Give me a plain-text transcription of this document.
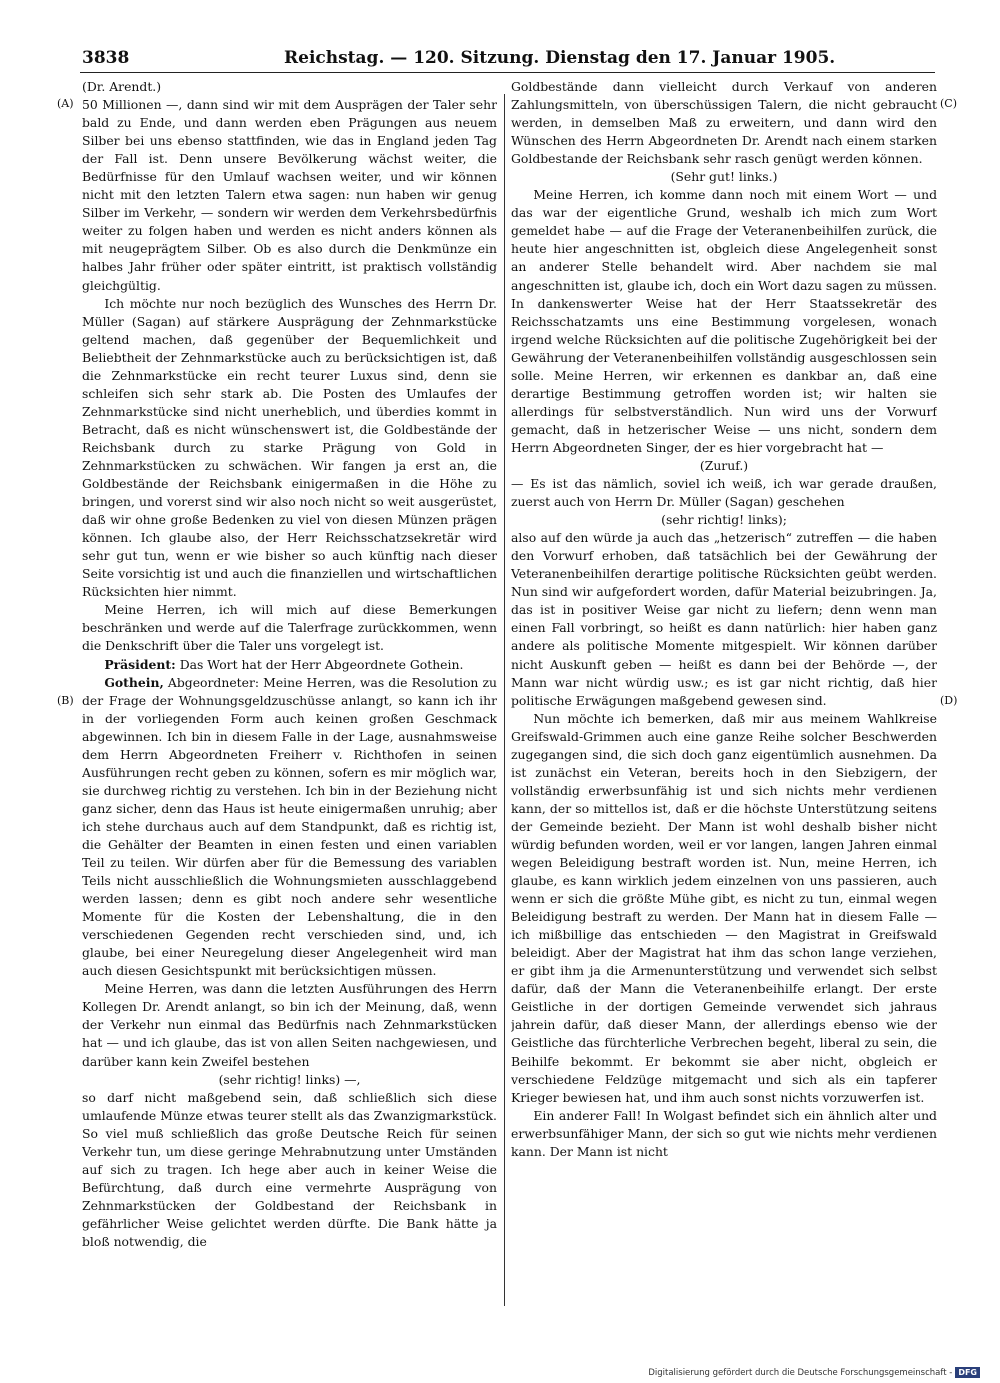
3838	Reichstag. — 120. Sitzung. Dienstag den 17. Januar 1905.
(A)
(B)
(C)
(D)

(Dr. Arendt.)

50 Millionen —, dann sind wir mit dem Ausprägen der Taler sehr bald zu Ende, und dann werden eben Prägungen aus neuem Silber bei uns ebenso stattfinden, wie das in England jeden Tag der Fall ist. Denn unsere Bevölkerung wächst weiter, die Bedürfnisse für den Umlauf wachsen weiter, und wir können nicht mit den letzten Talern etwa sagen: nun haben wir genug Silber im Verkehr, — sondern wir werden dem Verkehrsbedürfnis weiter zu folgen haben und werden es nicht anders können als mit neugeprägtem Silber. Ob es also durch die Denkmünze ein halbes Jahr früher oder später eintritt, ist praktisch vollständig gleichgültig.

Ich möchte nur noch bezüglich des Wunsches des Herrn Dr. Müller (Sagan) auf stärkere Ausprägung der Zehnmarkstücke geltend machen, daß gegenüber der Bequemlichkeit und Beliebtheit der Zehnmarkstücke auch zu berücksichtigen ist, daß die Zehnmarkstücke ein recht teurer Luxus sind, denn sie schleifen sich sehr stark ab. Die Posten des Umlaufes der Zehnmarkstücke sind nicht unerheblich, und überdies kommt in Betracht, daß es nicht wünschenswert ist, die Goldbestände der Reichsbank durch zu starke Prägung von Gold in Zehnmarkstücken zu schwächen. Wir fangen ja erst an, die Goldbestände der Reichsbank einigermaßen in die Höhe zu bringen, und vorerst sind wir also noch nicht so weit ausgerüstet, daß wir ohne große Bedenken zu viel von diesen Münzen prägen können. Ich glaube also, der Herr Reichsschatzsekretär wird sehr gut tun, wenn er wie bisher so auch künftig nach dieser Seite vorsichtig ist und auch die finanziellen und wirtschaftlichen Rücksichten hier nimmt.

Meine Herren, ich will mich auf diese Bemerkungen beschränken und werde auf die Talerfrage zurückkommen, wenn die Denkschrift über die Taler uns vorgelegt ist.

Präsident: Das Wort hat der Herr Abgeordnete Gothein.

Gothein, Abgeordneter: Meine Herren, was die Resolution zu der Frage der Wohnungsgeldzuschüsse anlangt, so kann ich ihr in der vorliegenden Form auch keinen großen Geschmack abgewinnen. Ich bin in diesem Falle in der Lage, ausnahmsweise dem Herrn Abgeordneten Freiherr v. Richthofen in seinen Ausführungen recht geben zu können, sofern es mir möglich war, sie durchweg richtig zu verstehen. Ich bin in der Beziehung nicht ganz sicher, denn das Haus ist heute einigermaßen unruhig; aber ich stehe durchaus auch auf dem Standpunkt, daß es richtig ist, die Gehälter der Beamten in einen festen und einen variablen Teil zu teilen. Wir dürfen aber für die Bemessung des variablen Teils nicht ausschließlich die Wohnungsmieten ausschlaggebend werden lassen; denn es gibt noch andere sehr wesentliche Momente für die Kosten der Lebenshaltung, die in den verschiedenen Gegenden recht verschieden sind, und, ich glaube, bei einer Neuregelung dieser Angelegenheit wird man auch diesen Gesichtspunkt mit berücksichtigen müssen.

Meine Herren, was dann die letzten Ausführungen des Herrn Kollegen Dr. Arendt anlangt, so bin ich der Meinung, daß, wenn der Verkehr nun einmal das Bedürfnis nach Zehnmarkstücken hat — und ich glaube, das ist von allen Seiten nachgewiesen, und darüber kann kein Zweifel bestehen

(sehr richtig! links) —,

so darf nicht maßgebend sein, daß schließlich sich diese umlaufende Münze etwas teurer stellt als das Zwanzigmarkstück. So viel muß schließlich das große Deutsche Reich für seinen Verkehr tun, um diese geringe Mehrabnutzung unter Umständen auf sich zu tragen. Ich hege aber auch in keiner Weise die Befürchtung, daß durch eine vermehrte Ausprägung von Zehnmarkstücken der Goldbestand der Reichsbank in gefährlicher Weise gelichtet werden dürfte. Die Bank hätte ja bloß notwendig, die

Goldbestände dann vielleicht durch Verkauf von anderen Zahlungsmitteln, von überschüssigen Talern, die nicht gebraucht werden, in demselben Maß zu erweitern, und dann wird den Wünschen des Herrn Abgeordneten Dr. Arendt nach einem starken Goldbestande der Reichsbank sehr rasch genügt werden können.

(Sehr gut! links.)

Meine Herren, ich komme dann noch mit einem Wort — und das war der eigentliche Grund, weshalb ich mich zum Wort gemeldet habe — auf die Frage der Veteranenbeihilfen zurück, die heute hier angeschnitten ist, obgleich diese Angelegenheit sonst an anderer Stelle behandelt wird. Aber nachdem sie mal angeschnitten ist, glaube ich, doch ein Wort dazu sagen zu müssen. In dankenswerter Weise hat der Herr Staatssekretär des Reichsschatzamts uns eine Bestimmung vorgelesen, wonach irgend welche Rücksichten auf die politische Zugehörigkeit bei der Gewährung der Veteranenbeihilfen vollständig ausgeschlossen sein solle. Meine Herren, wir erkennen es dankbar an, daß eine derartige Bestimmung getroffen worden ist; wir halten sie allerdings für selbstverständlich. Nun wird uns der Vorwurf gemacht, daß in hetzerischer Weise — uns nicht, sondern dem Herrn Abgeordneten Singer, der es hier vorgebracht hat —

(Zuruf.)

— Es ist das nämlich, soviel ich weiß, ich war gerade draußen, zuerst auch von Herrn Dr. Müller (Sagan) geschehen

(sehr richtig! links);

also auf den würde ja auch das „hetzerisch“ zutreffen — die haben den Vorwurf erhoben, daß tatsächlich bei der Gewährung der Veteranenbeihilfen derartige politische Rücksichten geübt werden. Nun sind wir aufgefordert worden, dafür Material beizubringen. Ja, das ist in positiver Weise gar nicht zu liefern; denn wenn man einen Fall vorbringt, so heißt es dann natürlich: hier haben ganz andere als politische Momente mitgespielt. Wir können darüber nicht Auskunft geben — heißt es dann bei der Behörde —, der Mann war nicht würdig usw.; es ist gar nicht richtig, daß hier politische Erwägungen maßgebend gewesen sind.

Nun möchte ich bemerken, daß mir aus meinem Wahlkreise Greifswald-Grimmen auch eine ganze Reihe solcher Beschwerden zugegangen sind, die sich doch ganz eigentümlich ausnehmen. Da ist zunächst ein Veteran, bereits hoch in den Siebzigern, der vollständig erwerbsunfähig ist und sich nichts mehr verdienen kann, der so mittellos ist, daß er die höchste Unterstützung seitens der Gemeinde bezieht. Der Mann ist wohl deshalb bisher nicht würdig befunden worden, weil er vor langen, langen Jahren einmal wegen Beleidigung bestraft worden ist. Nun, meine Herren, ich glaube, es kann wirklich jedem einzelnen von uns passieren, auch wenn er sich die größte Mühe gibt, es nicht zu tun, einmal wegen Beleidigung bestraft zu werden. Der Mann hat in diesem Falle — ich mißbillige das entschieden — den Magistrat in Greifswald beleidigt. Aber der Magistrat hat ihm das schon lange verziehen, er gibt ihm ja die Armenunterstützung und verwendet sich selbst dafür, daß der Mann die Veteranenbeihilfe erlangt. Der erste Geistliche in der dortigen Gemeinde verwendet sich jahraus jahrein dafür, daß dieser Mann, der allerdings ebenso wie der Geistliche das fürchterliche Verbrechen begeht, liberal zu sein, die Beihilfe bekommt. Er bekommt sie aber nicht, obgleich er verschiedene Feldzüge mitgemacht und sich als ein tapferer Krieger bewiesen hat, und ihm auch sonst nichts vorzuwerfen ist.

Ein anderer Fall! In Wolgast befindet sich ein ähnlich alter und erwerbsunfähiger Mann, der sich so gut wie nichts mehr verdienen kann. Der Mann ist nicht

Digitalisierung gefördert durch die Deutsche Forschungsgemeinschaft - DFG
